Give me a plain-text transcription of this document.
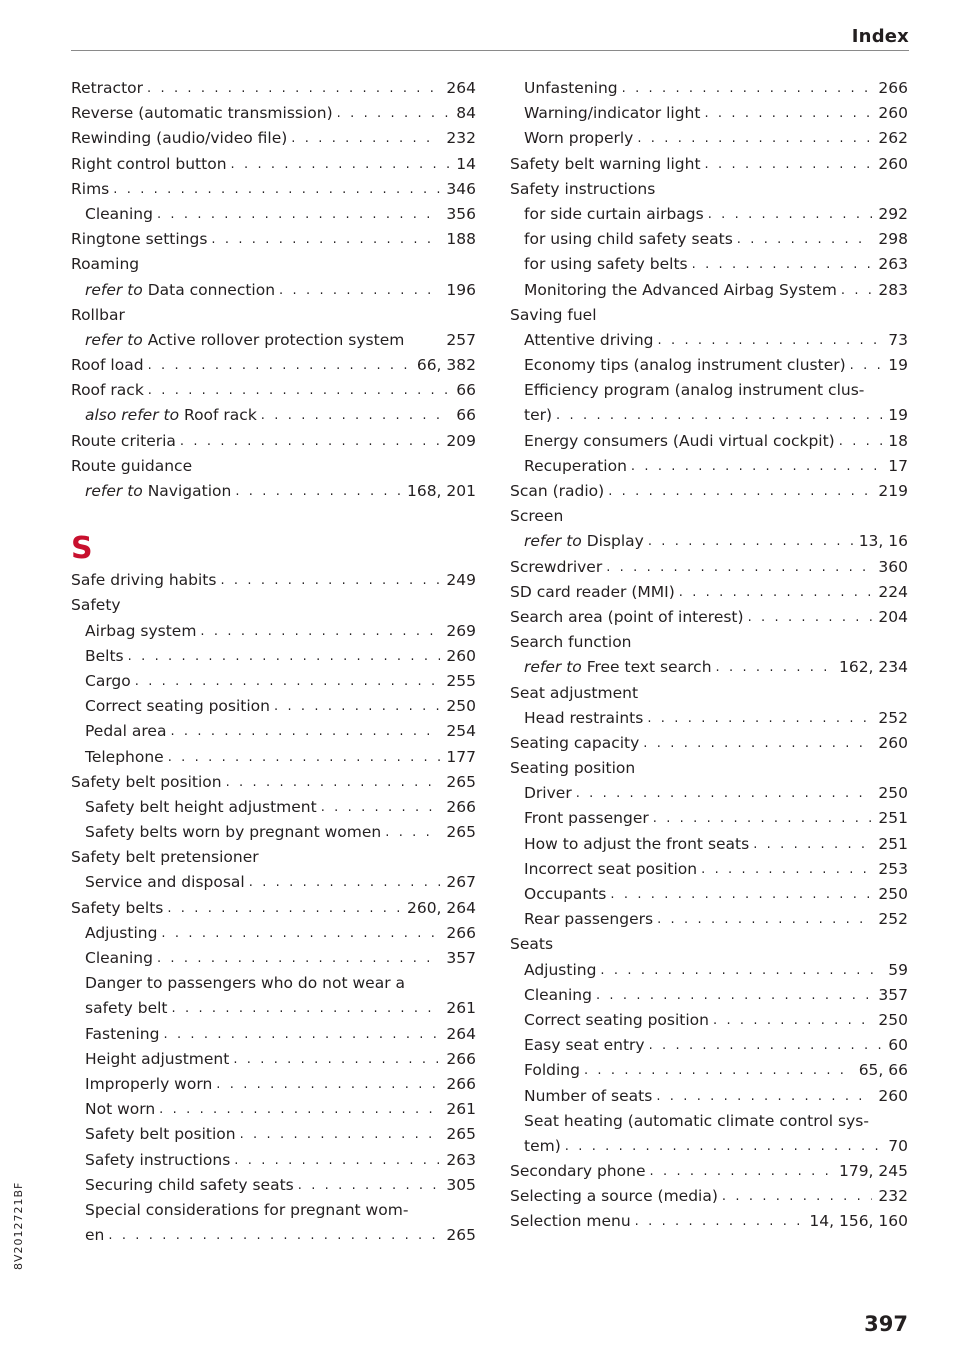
Index
Retractor . . .	264
Reverse (automatic transmission) . . .	84
Rewinding (audio/video file) . . .	232
Right control button . . .	14
Rims . . .	346
Cleaning . . .	356
Ringtone settings . . .	188
Roaming
refer to Data connection . . .	196
Rollbar
refer to Active rollover protection system	257
Roof load . . .	66, 382
Roof rack . . .	66
also refer to Roof rack . . .	66
Route criteria . . .	209
Route guidance
refer to Navigation . . .	168, 201
S
Safe driving habits . . .	249
Safety
Airbag system . . .	269
Belts . . .	260
Cargo . . .	255
Correct seating position . . .	250
Pedal area . . .	254
Telephone . . .	177
Safety belt position . . .	265
Safety belt height adjustment . . .	266
Safety belts worn by pregnant women . . .	265
Safety belt pretensioner
Service and disposal . . .	267
Safety belts . . .	260, 264
Adjusting . . .	266
Cleaning . . .	357
Danger to passengers who do not wear a
safety belt . . .	261
Fastening . . .	264
Height adjustment . . .	266
Improperly worn . . .	266
Not worn . . .	261
Safety belt position . . .	265
Safety instructions . . .	263
Securing child safety seats . . .	305
Special considerations for pregnant wom-
en . . .	265
Unfastening . . .	266
Warning/indicator light . . .	260
Worn properly . . .	262
Safety belt warning light . . .	260
Safety instructions
for side curtain airbags . . .	292
for using child safety seats . . .	298
for using safety belts . . .	263
Monitoring the Advanced Airbag System . . .	283
Saving fuel
Attentive driving . . .	73
Economy tips (analog instrument cluster) . . .	19
Efficiency program (analog instrument clus-
ter) . . .	19
Energy consumers (Audi virtual cockpit) . . .	18
Recuperation . . .	17
Scan (radio) . . .	219
Screen
refer to Display . . .	13, 16
Screwdriver . . .	360
SD card reader (MMI) . . .	224
Search area (point of interest) . . .	204
Search function
refer to Free text search . . .	162, 234
Seat adjustment
Head restraints . . .	252
Seating capacity . . .	260
Seating position
Driver . . .	250
Front passenger . . .	251
How to adjust the front seats . . .	251
Incorrect seat position . . .	253
Occupants . . .	250
Rear passengers . . .	252
Seats
Adjusting . . .	59
Cleaning . . .	357
Correct seating position . . .	250
Easy seat entry . . .	60
Folding . . .	65, 66
Number of seats . . .	260
Seat heating (automatic climate control sys-
tem) . . .	70
Secondary phone . . .	179, 245
Selecting a source (media) . . .	232
Selection menu . . .	14, 156, 160
8V2012721BF
397
